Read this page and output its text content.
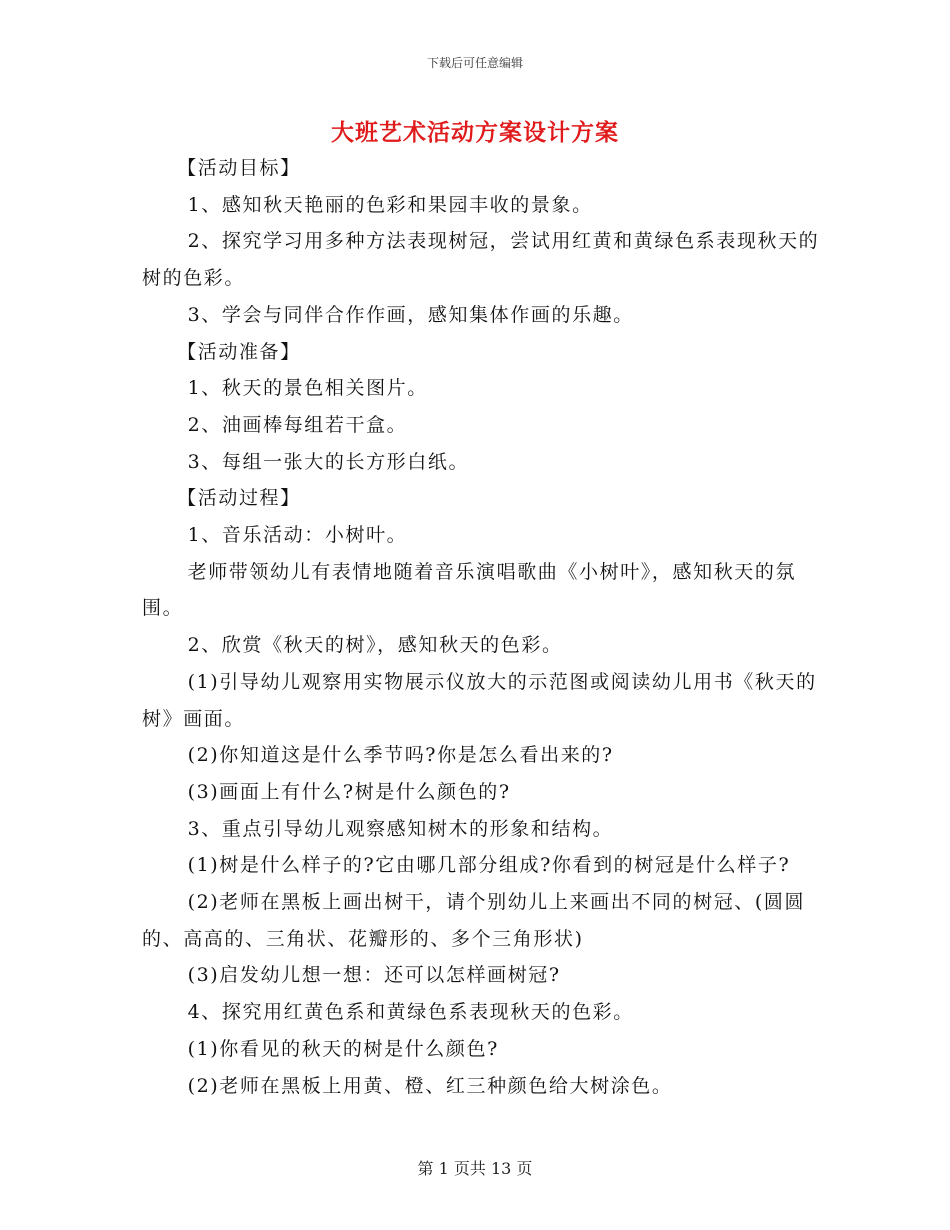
下载后可任意编辑
大班艺术活动方案设计方案

【活动目标】

1、感知秋天艳丽的色彩和果园丰收的景象。

2、探究学习用多种方法表现树冠，尝试用红黄和黄绿色系表现秋天的树的色彩。

3、学会与同伴合作作画，感知集体作画的乐趣。

【活动准备】

1、秋天的景色相关图片。

2、油画棒每组若干盒。

3、每组一张大的长方形白纸。

【活动过程】

1、音乐活动：小树叶。

老师带领幼儿有表情地随着音乐演唱歌曲《小树叶》，感知秋天的氛围。

2、欣赏《秋天的树》，感知秋天的色彩。

(1)引导幼儿观察用实物展示仪放大的示范图或阅读幼儿用书《秋天的树》画面。

(2)你知道这是什么季节吗?你是怎么看出来的?

(3)画面上有什么?树是什么颜色的?

3、重点引导幼儿观察感知树木的形象和结构。

(1)树是什么样子的?它由哪几部分组成?你看到的树冠是什么样子?

(2)老师在黑板上画出树干，请个别幼儿上来画出不同的树冠、(圆圆的、高高的、三角状、花瓣形的、多个三角形状)

(3)启发幼儿想一想：还可以怎样画树冠?

4、探究用红黄色系和黄绿色系表现秋天的色彩。

(1)你看见的秋天的树是什么颜色?

(2)老师在黑板上用黄、橙、红三种颜色给大树涂色。

第 1 页共 13 页
